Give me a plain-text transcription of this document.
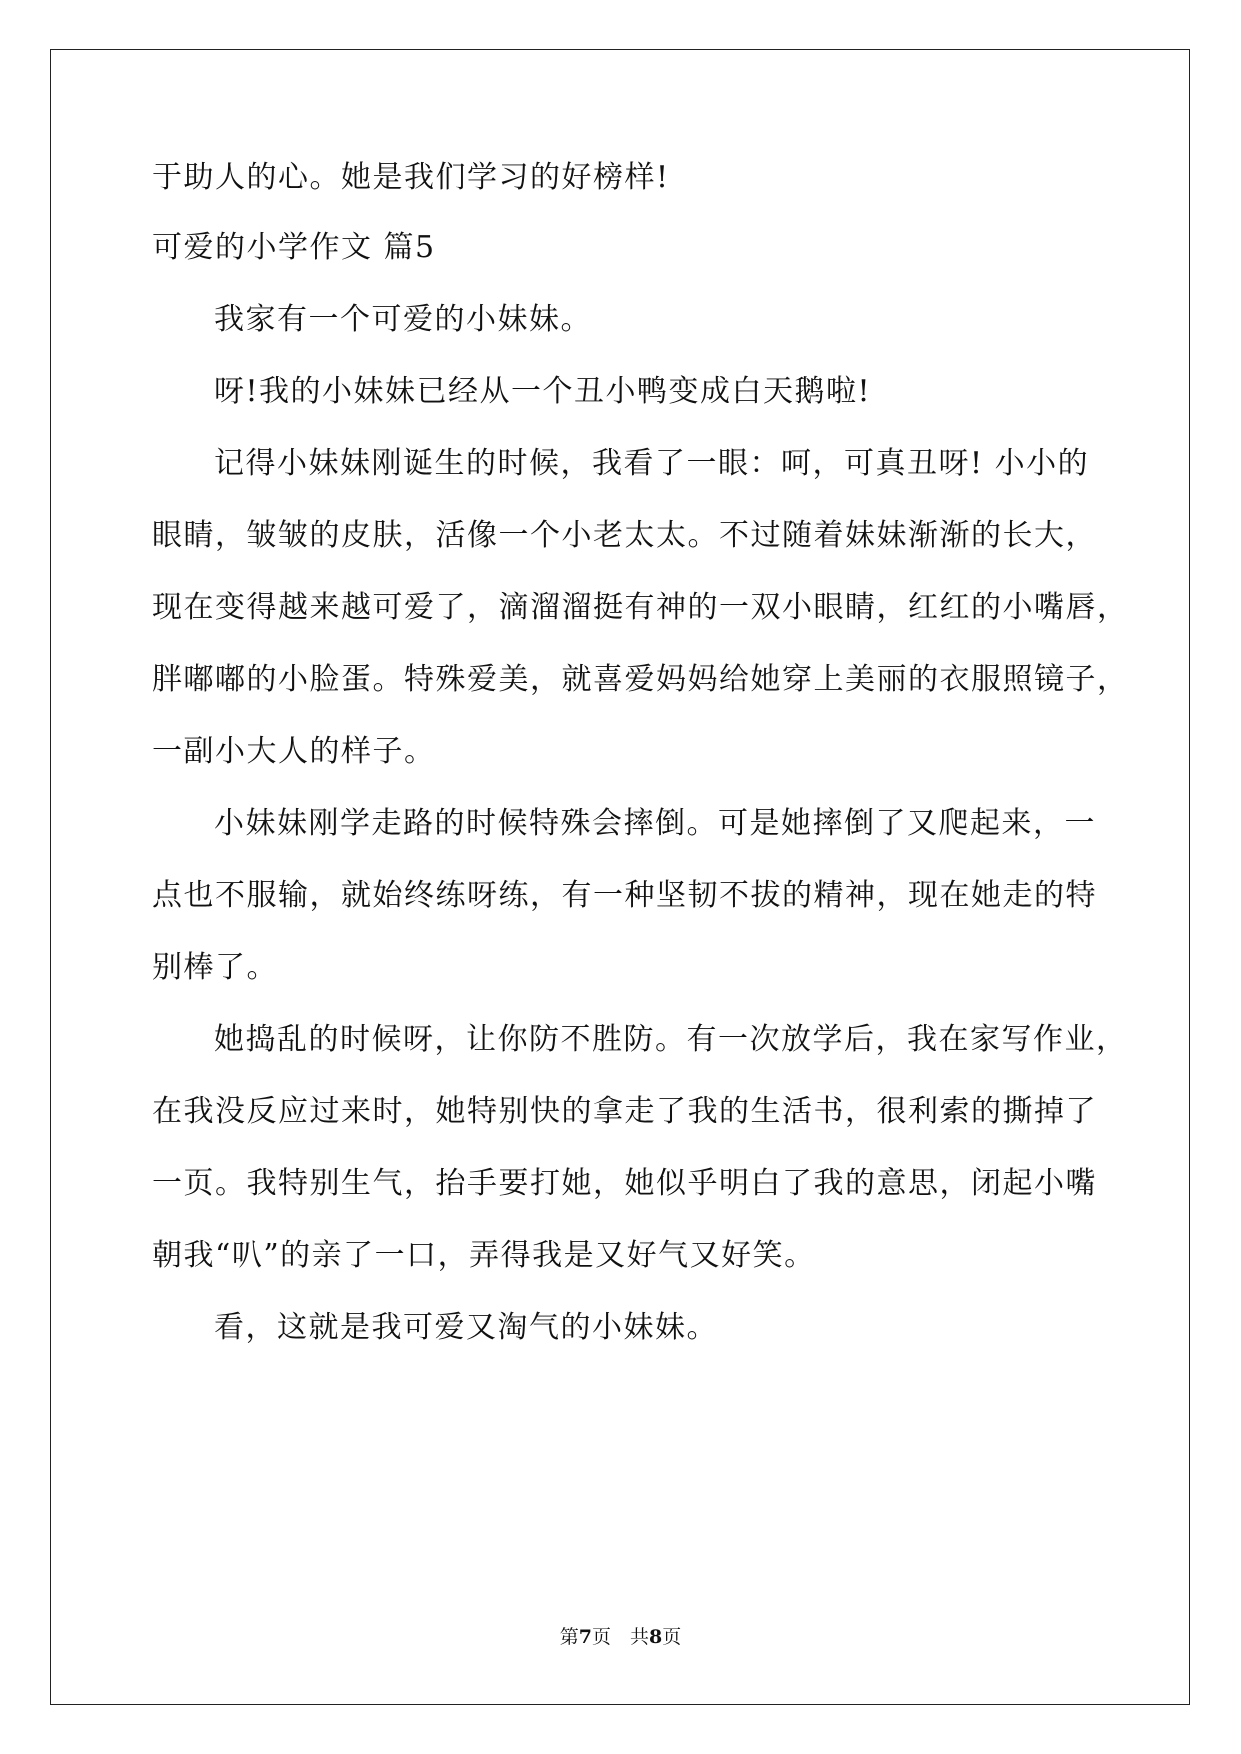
于助人的心。她是我们学习的好榜样!
可爱的小学作文 篇5
我家有一个可爱的小妹妹。
呀!我的小妹妹已经从一个丑小鸭变成白天鹅啦!
记得小妹妹刚诞生的时候，我看了一眼：呵，可真丑呀! 小小的
眼睛，皱皱的皮肤，活像一个小老太太。不过随着妹妹渐渐的长大，
现在变得越来越可爱了，滴溜溜挺有神的一双小眼睛，红红的小嘴唇，
胖嘟嘟的小脸蛋。特殊爱美，就喜爱妈妈给她穿上美丽的衣服照镜子，
一副小大人的样子。
小妹妹刚学走路的时候特殊会摔倒。可是她摔倒了又爬起来，一
点也不服输，就始终练呀练，有一种坚韧不拔的精神，现在她走的特
别棒了。
她捣乱的时候呀，让你防不胜防。有一次放学后，我在家写作业，
在我没反应过来时，她特别快的拿走了我的生活书，很利索的撕掉了
一页。我特别生气，抬手要打她，她似乎明白了我的意思，闭起小嘴
朝我“叭”的亲了一口，弄得我是又好气又好笑。
看，这就是我可爱又淘气的小妹妹。
第7页　共8页
